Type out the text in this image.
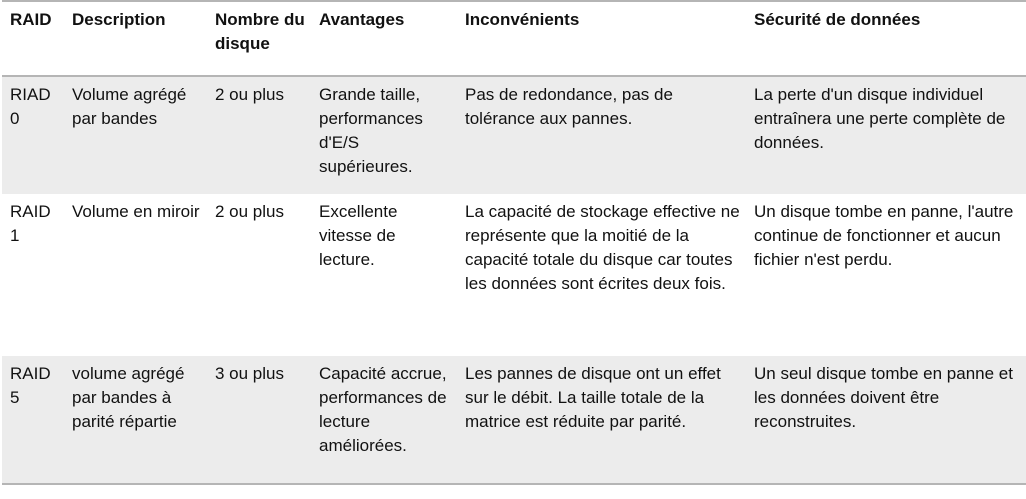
RAID	Description	Nombre du disque	Avantages	Inconvénients	Sécurité de données
RIAD 0	Volume agrégé par bandes	2 ou plus	Grande taille, performances d'E/S supérieures.	Pas de redondance, pas de tolérance aux pannes.	La perte d'un disque individuel entraînera une perte complète de données.
RAID 1	Volume en miroir	2 ou plus	Excellente vitesse de lecture.	La capacité de stockage effective ne représente que la moitié de la capacité totale du disque car toutes les données sont écrites deux fois.	Un disque tombe en panne, l'autre continue de fonctionner et aucun fichier n'est perdu.
RAID 5	volume agrégé par bandes à parité répartie	3 ou plus	Capacité accrue, performances de lecture améliorées.	Les pannes de disque ont un effet sur le débit. La taille totale de la matrice est réduite par parité.	Un seul disque tombe en panne et les données doivent être reconstruites.
